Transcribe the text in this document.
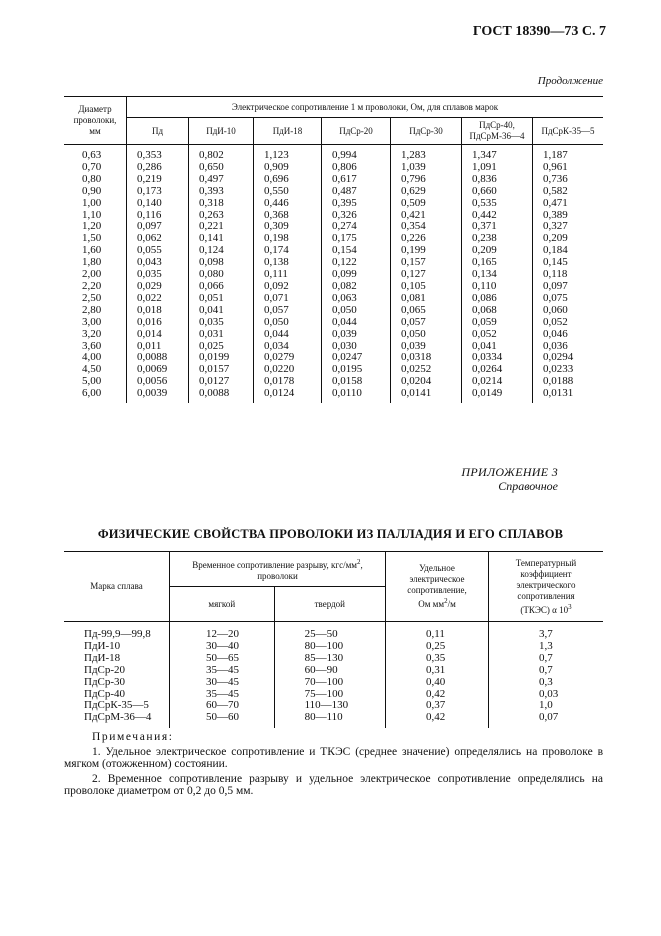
ГОСТ 18390—73 С. 7
Продолжение
Диаметр
проволоки,
мм	Электрическое сопротивление 1 м проволоки, Ом, для сплавов марок						
	Пд	ПдИ-10	ПдИ-18	ПдСр-20	ПдСр-30	ПдСр-40,
ПдСрМ-36—4	ПдСрК-35—5
0,63	0,353	0,802	1,123	0,994	1,283	1,347	1,187
0,70	0,286	0,650	0,909	0,806	1,039	1,091	0,961
0,80	0,219	0,497	0,696	0,617	0,796	0,836	0,736
0,90	0,173	0,393	0,550	0,487	0,629	0,660	0,582
1,00	0,140	0,318	0,446	0,395	0,509	0,535	0,471
1,10	0,116	0,263	0,368	0,326	0,421	0,442	0,389
1,20	0,097	0,221	0,309	0,274	0,354	0,371	0,327
1,50	0,062	0,141	0,198	0,175	0,226	0,238	0,209
1,60	0,055	0,124	0,174	0,154	0,199	0,209	0,184
1,80	0,043	0,098	0,138	0,122	0,157	0,165	0,145
2,00	0,035	0,080	0,111	0,099	0,127	0,134	0,118
2,20	0,029	0,066	0,092	0,082	0,105	0,110	0,097
2,50	0,022	0,051	0,071	0,063	0,081	0,086	0,075
2,80	0,018	0,041	0,057	0,050	0,065	0,068	0,060
3,00	0,016	0,035	0,050	0,044	0,057	0,059	0,052
3,20	0,014	0,031	0,044	0,039	0,050	0,052	0,046
3,60	0,011	0,025	0,034	0,030	0,039	0,041	0,036
4,00	0,0088	0,0199	0,0279	0,0247	0,0318	0,0334	0,0294
4,50	0,0069	0,0157	0,0220	0,0195	0,0252	0,0264	0,0233
5,00	0,0056	0,0127	0,0178	0,0158	0,0204	0,0214	0,0188
6,00	0,0039	0,0088	0,0124	0,0110	0,0141	0,0149	0,0131
ПРИЛОЖЕНИЕ 3
Справочное
ФИЗИЧЕСКИЕ СВОЙСТВА ПРОВОЛОКИ ИЗ ПАЛЛАДИЯ И ЕГО СПЛАВОВ
Марка сплава	Временное сопротивление разрыву, кгс/$мм^2$,
проволоки		Удельное
электрическое
сопротивление,
Ом $мм^2/м$	Температурный
коэффициент
электрического
сопротивления
(ТКЭС) α $10^3$
	мягкой	твердой		
Пд-99,9—99,8	12—20	25—50	0,11	3,7
ПдИ-10	30—40	80—100	0,25	1,3
ПдИ-18	50—65	85—130	0,35	0,7
ПдСр-20	35—45	60—90	0,31	0,7
ПдСр-30	30—45	70—100	0,40	0,3
ПдСр-40	35—45	75—100	0,42	0,03
ПдСрК-35—5	60—70	110—130	0,37	1,0
ПдСрМ-36—4	50—60	80—110	0,42	0,07
Примечания:

1. Удельное электрическое сопротивление и ТКЭС (среднее значение) определялись на проволоке в мягком (отожженном) состоянии.

2. Временное сопротивление разрыву и удельное электрическое сопротивление определялись на проволоке диаметром от 0,2 до 0,5 мм.
